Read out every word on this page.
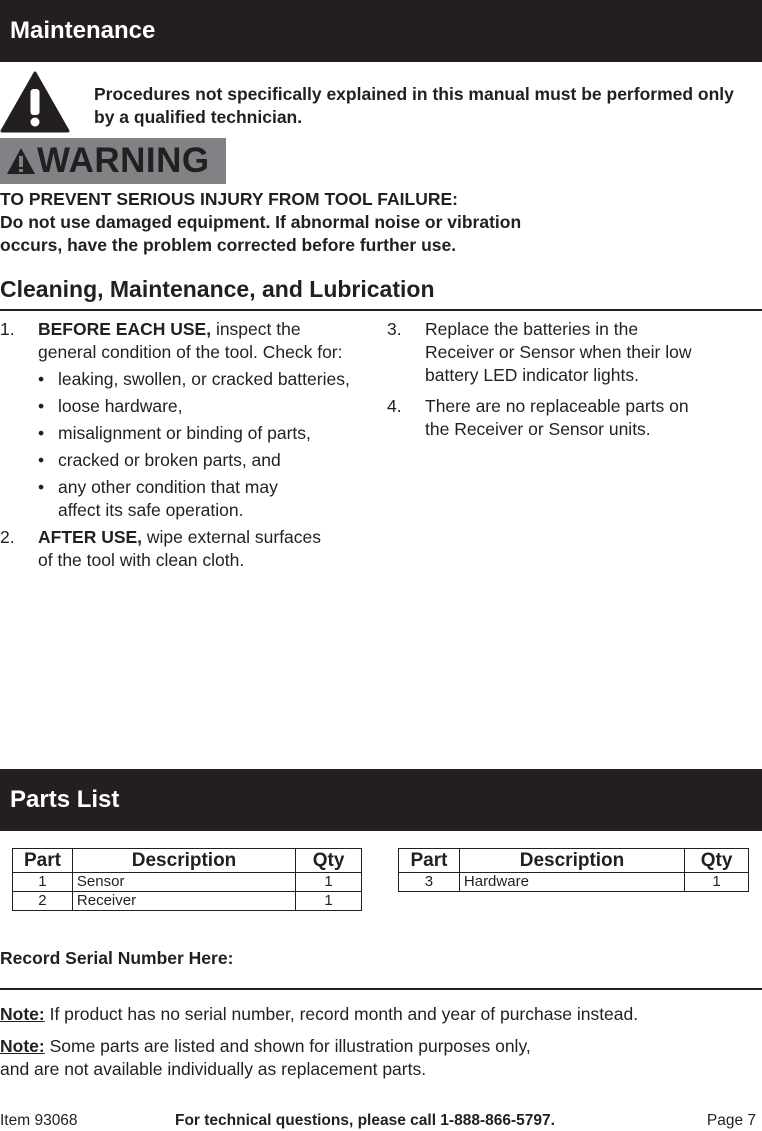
Maintenance
Procedures not specifically explained in this manual must be performed only by a qualified technician.
WARNING
TO PREVENT SERIOUS INJURY FROM TOOL FAILURE:
Do not use damaged equipment. If abnormal noise or vibration
occurs, have the problem corrected before further use.
Cleaning, Maintenance, and Lubrication
1. BEFORE EACH USE, inspect the
general condition of the tool. Check for:
• leaking, swollen, or cracked batteries,
• loose hardware,
• misalignment or binding of parts,
• cracked or broken parts, and
• any other condition that may
affect its safe operation.
2. AFTER USE, wipe external surfaces
of the tool with clean cloth.
3. Replace the batteries in the
Receiver or Sensor when their low
battery LED indicator lights.
4. There are no replaceable parts on
the Receiver or Sensor units.
Parts List
Part	Description	Qty
1	Sensor	1
2	Receiver	1
Part	Description	Qty
3	Hardware	1
Record Serial Number Here:
Note: If product has no serial number, record month and year of purchase instead.
Note: Some parts are listed and shown for illustration purposes only,
and are not available individually as replacement parts.
Item 93068	For technical questions, please call 1-888-866-5797.	Page 7
